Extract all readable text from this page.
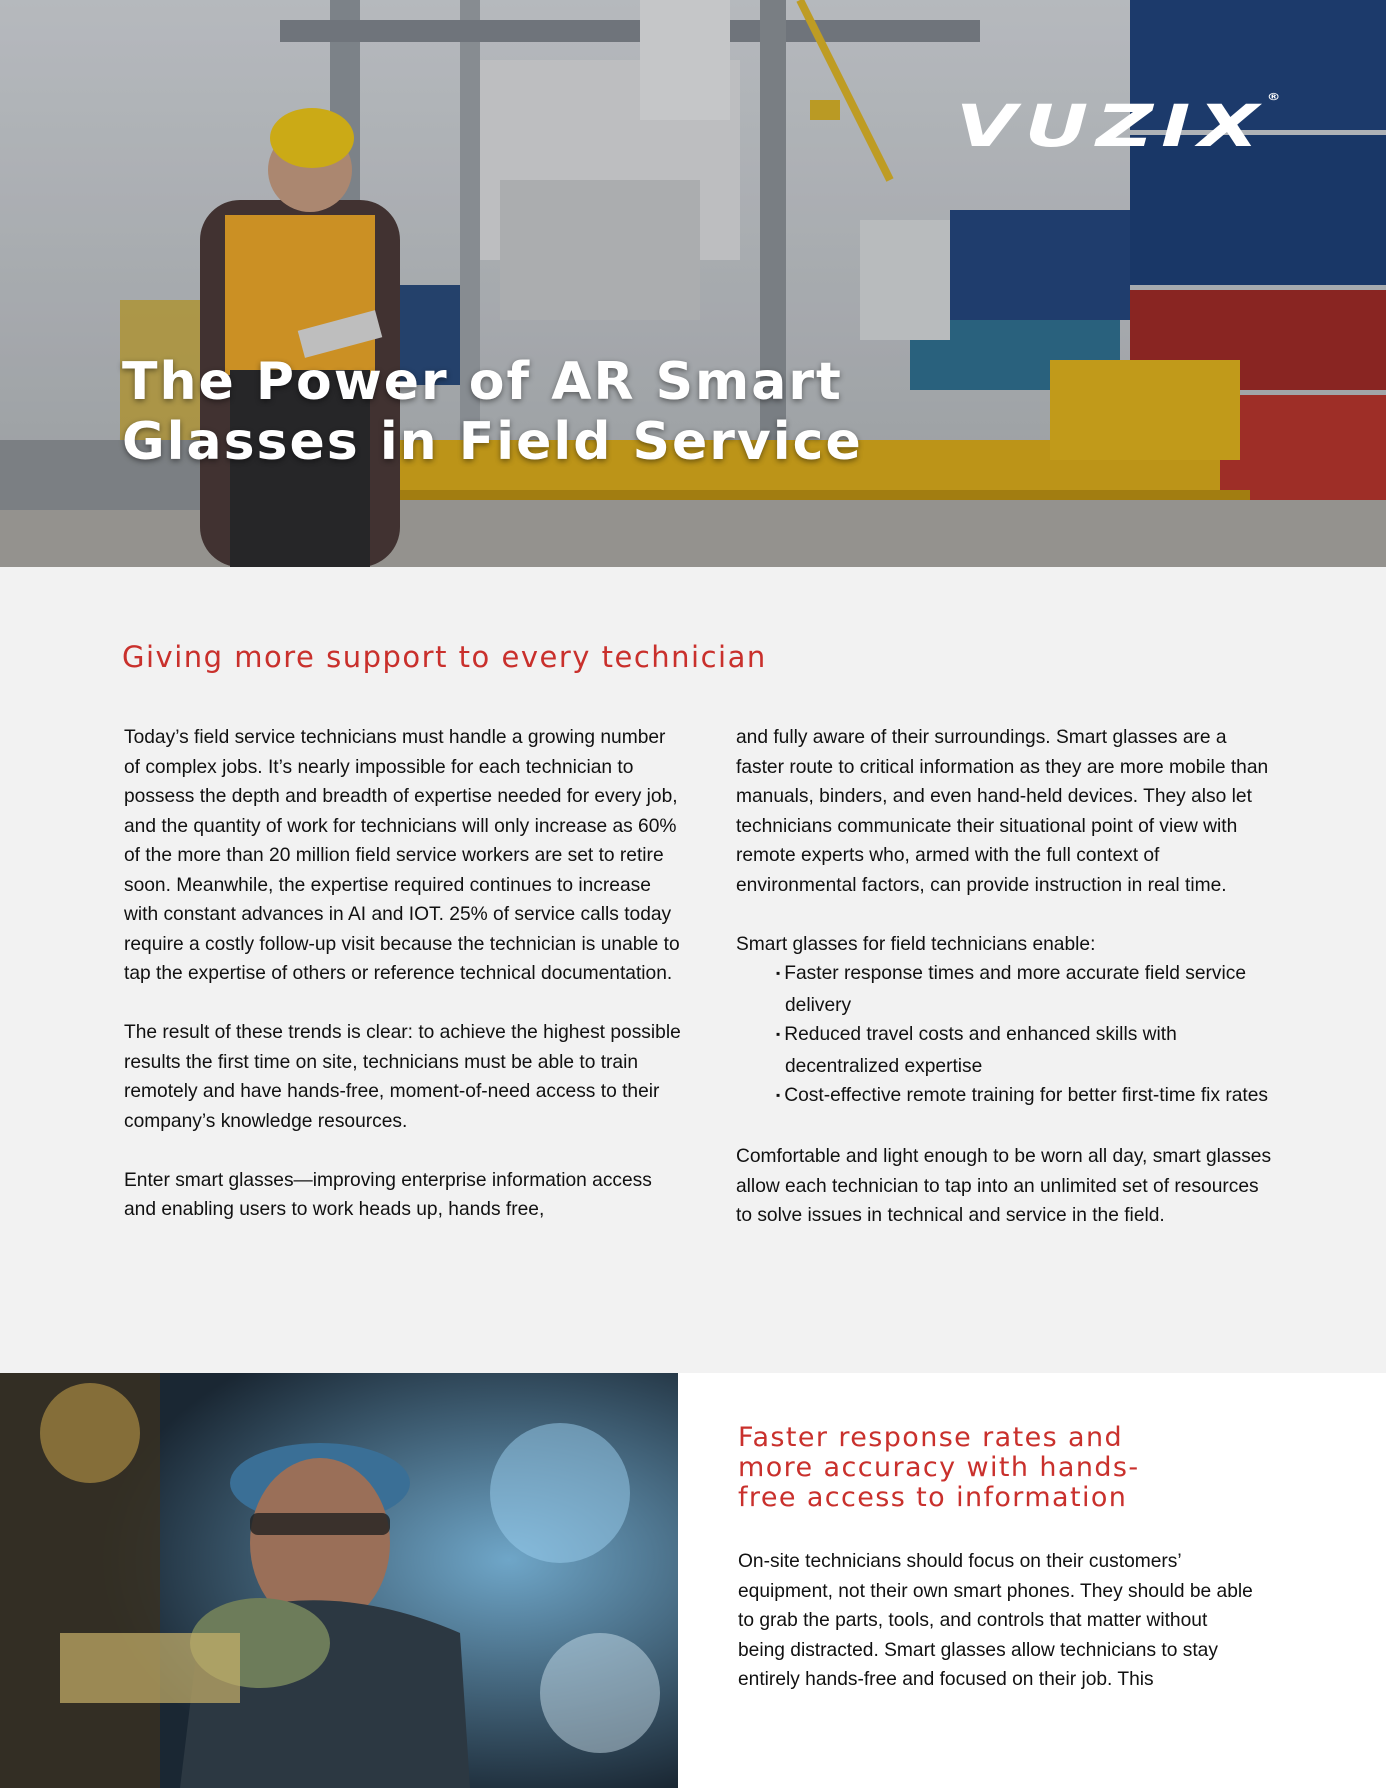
VUZIX®
The Power of AR Smart
Glasses in Field Service
Giving more support to every technician

Today’s field service technicians must handle a growing number of complex jobs. It’s nearly impossible for each technician to possess the depth and breadth of expertise needed for every job, and the quantity of work for technicians will only increase as 60% of the more than 20 million field service workers are set to retire soon. Meanwhile, the expertise required continues to increase with constant advances in AI and IOT. 25% of service calls today require a costly follow-up visit because the technician is unable to tap the expertise of others or reference technical documentation.

The result of these trends is clear: to achieve the highest possible results the first time on site, technicians must be able to train remotely and have hands-free, moment-of-need access to their company’s knowledge resources.

Enter smart glasses—improving enterprise information access and enabling users to work heads up, hands free,

and fully aware of their surroundings. Smart glasses are a faster route to critical information as they are more mobile than manuals, binders, and even hand-held devices. They also let technicians communicate their situational point of view with remote experts who, armed with the full context of environmental factors, can provide instruction in real time.

Smart glasses for field technicians enable:

▪ Faster response times and more accurate field service delivery
▪ Reduced travel costs and enhanced skills with decentralized expertise
▪ Cost-effective remote training for better first-time fix rates

Comfortable and light enough to be worn all day, smart glasses allow each technician to tap into an unlimited set of resources to solve issues in technical and service in the field.

Faster response rates and more accuracy with hands-free access to information

On-site technicians should focus on their customers’ equipment, not their own smart phones. They should be able to grab the parts, tools, and controls that matter without being distracted. Smart glasses allow technicians to stay entirely hands-free and focused on their job. This
